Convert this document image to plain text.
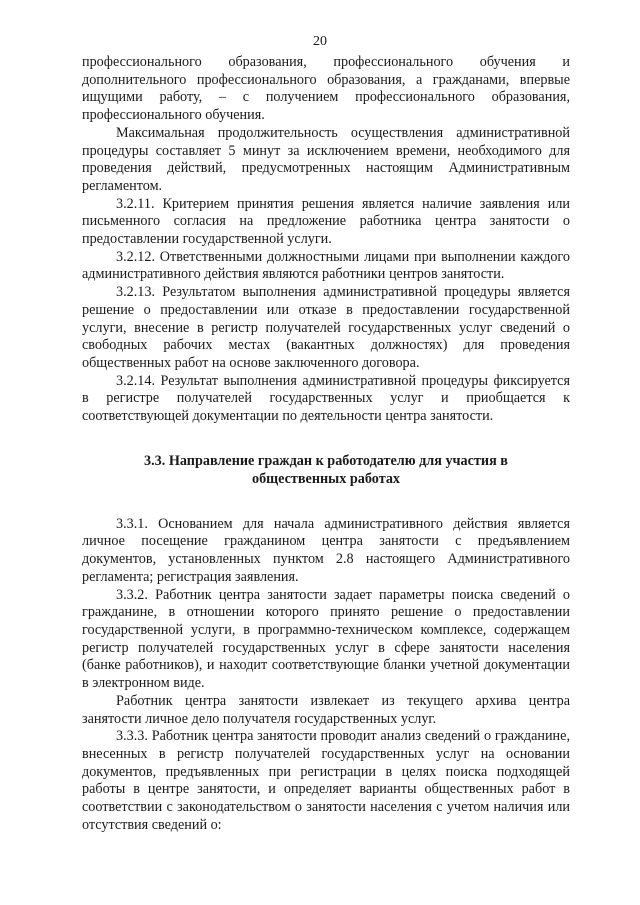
20

профессионального образования, профессионального обучения и дополнительного профессионального образования, а гражданами, впервые ищущими работу, – с получением профессионального образования, профессионального обучения.

Максимальная продолжительность осуществления административной процедуры составляет 5 минут за исключением времени, необходимого для проведения действий, предусмотренных настоящим Административным регламентом.

3.2.11. Критерием принятия решения является наличие заявления или письменного согласия на предложение работника центра занятости о предоставлении государственной услуги.

3.2.12. Ответственными должностными лицами при выполнении каждого административного действия являются работники центров занятости.

3.2.13. Результатом выполнения административной процедуры является решение о предоставлении или отказе в предоставлении государственной услуги, внесение в регистр получателей государственных услуг сведений о свободных рабочих местах (вакантных должностях) для проведения общественных работ на основе заключенного договора.

3.2.14. Результат выполнения административной процедуры фиксируется в регистре получателей государственных услуг и приобщается к соответствующей документации по деятельности центра занятости.

3.3. Направление граждан к работодателю для участия в общественных работах

3.3.1. Основанием для начала административного действия является личное посещение гражданином центра занятости с предъявлением документов, установленных пунктом 2.8 настоящего Административного регламента; регистрация заявления.

3.3.2. Работник центра занятости задает параметры поиска сведений о гражданине, в отношении которого принято решение о предоставлении государственной услуги, в программно-техническом комплексе, содержащем регистр получателей государственных услуг в сфере занятости населения (банке работников), и находит соответствующие бланки учетной документации в электронном виде.

Работник центра занятости извлекает из текущего архива центра занятости личное дело получателя государственных услуг.

3.3.3. Работник центра занятости проводит анализ сведений о гражданине, внесенных в регистр получателей государственных услуг на основании документов, предъявленных при регистрации в целях поиска подходящей работы в центре занятости, и определяет варианты общественных работ в соответствии с законодательством о занятости населения с учетом наличия или отсутствия сведений о:
